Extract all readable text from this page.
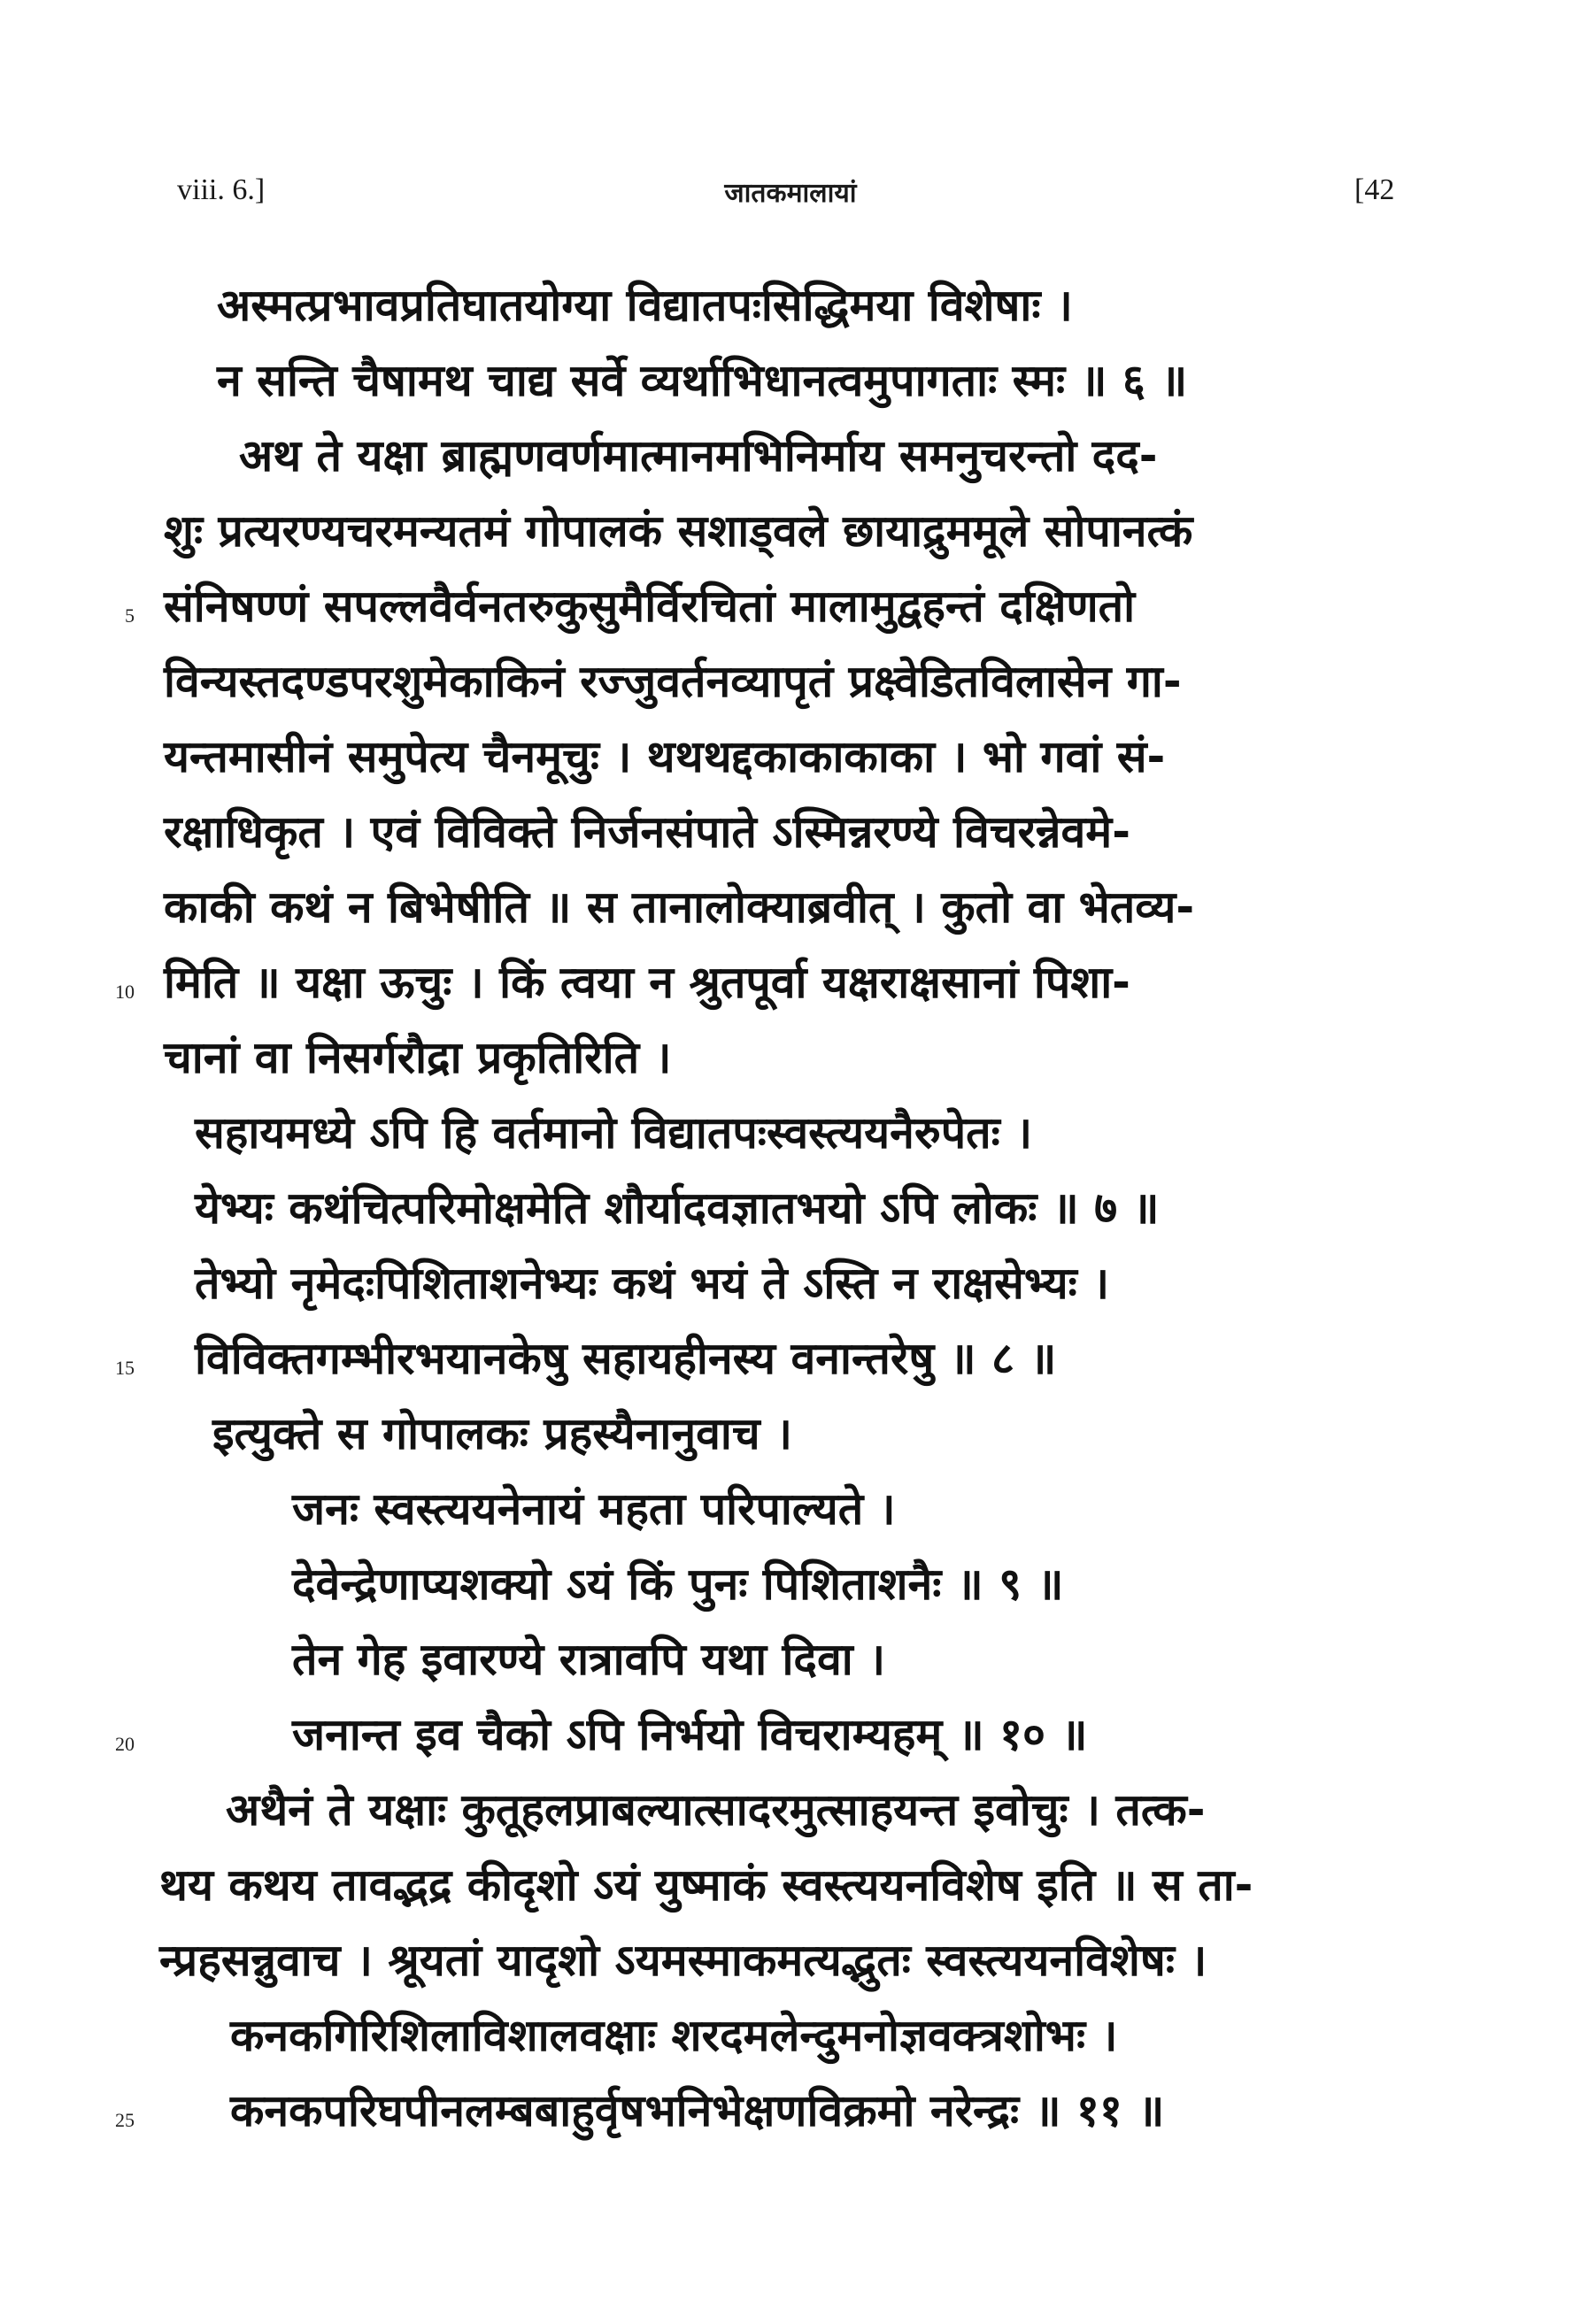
viii. 6.]	जातकमालायां	[42
अस्मत्प्रभावप्रतिघातयोग्या विद्यातपःसिद्धिमया विशेषाः ।
न सन्ति चैषामथ चाद्य सर्वे व्यर्थाभिधानत्वमुपागताः स्मः ॥ ६ ॥
अथ ते यक्षा ब्राह्मणवर्णमात्मानमभिनिर्माय समनुचरन्तो दद-
शुः प्रत्यरण्यचरमन्यतमं गोपालकं सशाड्वले छायाद्रुममूले सोपानत्कं
संनिषण्णं सपल्लवैर्वनतरुकुसुमैर्विरचितां मालामुद्वहन्तं दक्षिणतो
विन्यस्तदण्डपरशुमेकाकिनं रज्जुवर्तनव्यापृतं प्रक्ष्वेडितविलासेन गा-
यन्तमासीनं समुपेत्य चैनमूचुः । थथथद्दकाकाकाका । भो गवां सं-
रक्षाधिकृत । एवं विविक्ते निर्जनसंपाते ऽस्मिन्नरण्ये विचरन्नेवमे-
काकी कथं न बिभेषीति ॥ स तानालोक्याब्रवीत् । कुतो वा भेतव्य-
मिति ॥ यक्षा ऊचुः । किं त्वया न श्रुतपूर्वा यक्षराक्षसानां पिशा-
चानां वा निसर्गरौद्रा प्रकृतिरिति ।
सहायमध्ये ऽपि हि वर्तमानो विद्यातपःस्वस्त्ययनैरुपेतः ।
येभ्यः कथंचित्परिमोक्षमेति शौर्यादवज्ञातभयो ऽपि लोकः ॥ ७ ॥
तेभ्यो नृमेदःपिशिताशनेभ्यः कथं भयं ते ऽस्ति न राक्षसेभ्यः ।
विविक्तगम्भीरभयानकेषु सहायहीनस्य वनान्तरेषु ॥ ८ ॥
इत्युक्ते स गोपालकः प्रहस्यैनानुवाच ।
जनः स्वस्त्ययनेनायं महता परिपाल्यते ।
देवेन्द्रेणाप्यशक्यो ऽयं किं पुनः पिशिताशनैः ॥ ९ ॥
तेन गेह इवारण्ये रात्रावपि यथा दिवा ।
जनान्त इव चैको ऽपि निर्भयो विचराम्यहम् ॥ १० ॥
अथैनं ते यक्षाः कुतूहलप्राबल्यात्सादरमुत्साहयन्त इवोचुः । तत्क-
थय कथय तावद्भद्र कीदृशो ऽयं युष्माकं स्वस्त्ययनविशेष इति ॥ स ता-
न्प्रहसन्नुवाच । श्रूयतां यादृशो ऽयमस्माकमत्यद्भुतः स्वस्त्ययनविशेषः ।
कनकगिरिशिलाविशालवक्षाः शरदमलेन्दुमनोज्ञवक्त्रशोभः ।
कनकपरिघपीनलम्बबाहुर्वृषभनिभेक्षणविक्रमो नरेन्द्रः ॥ ११ ॥
5
10
15
20
25
